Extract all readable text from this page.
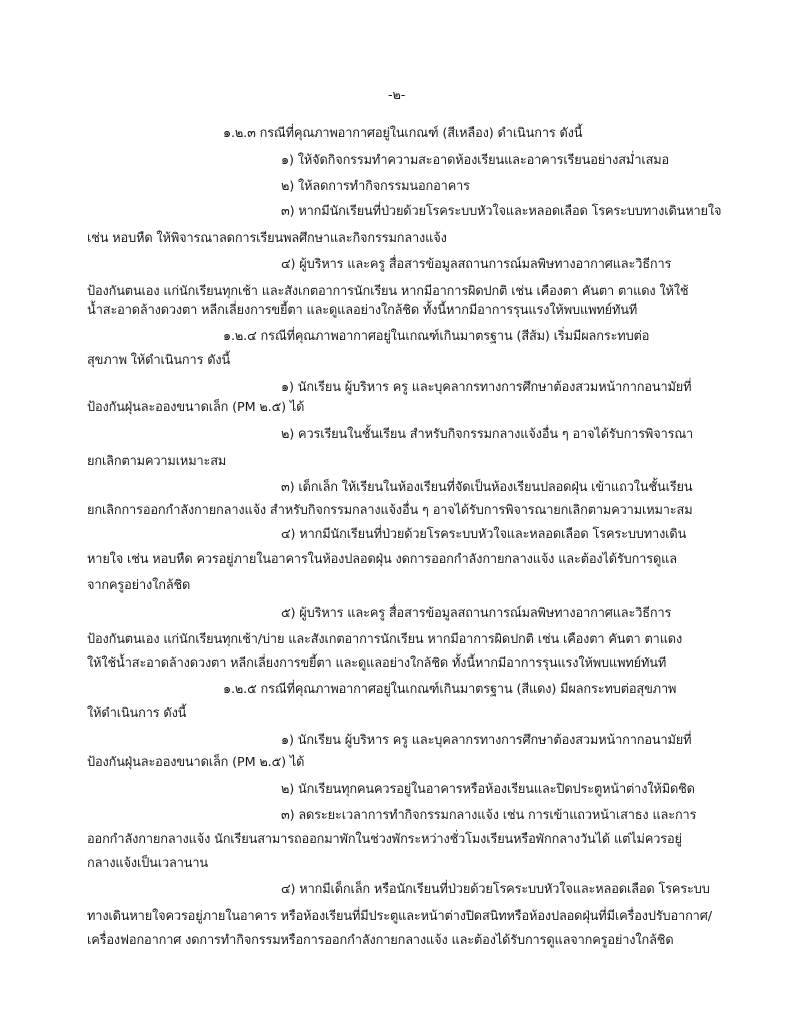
-๒-
๑.๒.๓ กรณีที่คุณภาพอากาศอยู่ในเกณฑ์ (สีเหลือง) ดำเนินการ ดังนี้
๑) ให้จัดกิจกรรมทำความสะอาดห้องเรียนและอาคารเรียนอย่างสม่ำเสมอ
๒) ให้ลดการทำกิจกรรมนอกอาคาร
๓) หากมีนักเรียนที่ป่วยด้วยโรคระบบหัวใจและหลอดเลือด โรคระบบทางเดินหายใจ
เช่น หอบหืด ให้พิจารณาลดการเรียนพลศึกษาและกิจกรรมกลางแจ้ง
๔) ผู้บริหาร และครู สื่อสารข้อมูลสถานการณ์มลพิษทางอากาศและวิธีการ
ป้องกันตนเอง แก่นักเรียนทุกเช้า และสังเกตอาการนักเรียน หากมีอาการผิดปกติ เช่น เคืองตา คันตา ตาแดง ให้ใช้
น้ำสะอาดล้างดวงตา หลีกเลี่ยงการขยี้ตา และดูแลอย่างใกล้ชิด ทั้งนี้หากมีอาการรุนแรงให้พบแพทย์ทันที
๑.๒.๔ กรณีที่คุณภาพอากาศอยู่ในเกณฑ์เกินมาตรฐาน (สีส้ม) เริ่มมีผลกระทบต่อ
สุขภาพ ให้ดำเนินการ ดังนี้
๑) นักเรียน ผู้บริหาร ครู และบุคลากรทางการศึกษาต้องสวมหน้ากากอนามัยที่
ป้องกันฝุ่นละอองขนาดเล็ก (PM ๒.๕) ได้
๒) ควรเรียนในชั้นเรียน สำหรับกิจกรรมกลางแจ้งอื่น ๆ อาจได้รับการพิจารณา
ยกเลิกตามความเหมาะสม
๓) เด็กเล็ก ให้เรียนในห้องเรียนที่จัดเป็นห้องเรียนปลอดฝุ่น เข้าแถวในชั้นเรียน
ยกเลิกการออกกำลังกายกลางแจ้ง สำหรับกิจกรรมกลางแจ้งอื่น ๆ อาจได้รับการพิจารณายกเลิกตามความเหมาะสม
๔) หากมีนักเรียนที่ป่วยด้วยโรคระบบหัวใจและหลอดเลือด โรคระบบทางเดิน
หายใจ เช่น หอบหืด ควรอยู่ภายในอาคารในห้องปลอดฝุ่น งดการออกกำลังกายกลางแจ้ง และต้องได้รับการดูแล
จากครูอย่างใกล้ชิด
๕) ผู้บริหาร และครู สื่อสารข้อมูลสถานการณ์มลพิษทางอากาศและวิธีการ
ป้องกันตนเอง แก่นักเรียนทุกเช้า/บ่าย และสังเกตอาการนักเรียน หากมีอาการผิดปกติ เช่น เคืองตา คันตา ตาแดง
ให้ใช้น้ำสะอาดล้างดวงตา หลีกเลี่ยงการขยี้ตา และดูแลอย่างใกล้ชิด ทั้งนี้หากมีอาการรุนแรงให้พบแพทย์ทันที
๑.๒.๕ กรณีที่คุณภาพอากาศอยู่ในเกณฑ์เกินมาตรฐาน (สีแดง) มีผลกระทบต่อสุขภาพ
ให้ดำเนินการ ดังนี้
๑) นักเรียน ผู้บริหาร ครู และบุคลากรทางการศึกษาต้องสวมหน้ากากอนามัยที่
ป้องกันฝุ่นละอองขนาดเล็ก (PM ๒.๕) ได้
๒) นักเรียนทุกคนควรอยู่ในอาคารหรือห้องเรียนและปิดประตูหน้าต่างให้มิดชิด
๓) ลดระยะเวลาการทำกิจกรรมกลางแจ้ง เช่น การเข้าแถวหน้าเสาธง และการ
ออกกำลังกายกลางแจ้ง นักเรียนสามารถออกมาพักในช่วงพักระหว่างชั่วโมงเรียนหรือพักกลางวันได้ แต่ไม่ควรอยู่
กลางแจ้งเป็นเวลานาน
๔) หากมีเด็กเล็ก หรือนักเรียนที่ป่วยด้วยโรคระบบหัวใจและหลอดเลือด โรคระบบ
ทางเดินหายใจควรอยู่ภายในอาคาร หรือห้องเรียนที่มีประตูและหน้าต่างปิดสนิทหรือห้องปลอดฝุ่นที่มีเครื่องปรับอากาศ/
เครื่องฟอกอากาศ งดการทำกิจกรรมหรือการออกกำลังกายกลางแจ้ง และต้องได้รับการดูแลจากครูอย่างใกล้ชิด
